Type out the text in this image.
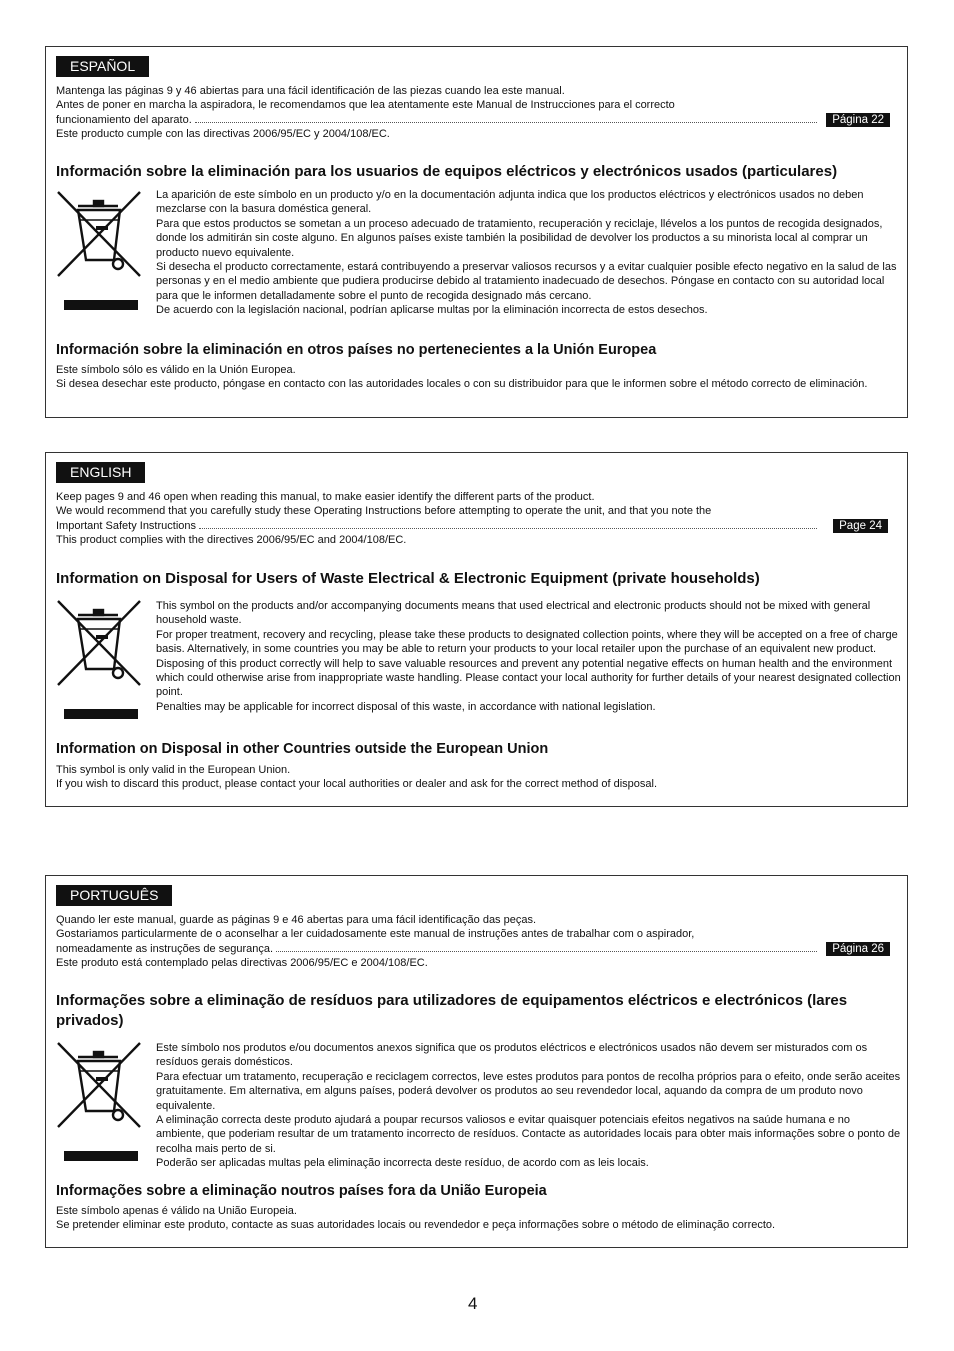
ESPAÑOL

Mantenga las páginas 9 y 46 abiertas para una fácil identificación de las piezas cuando lea este manual.

Antes de poner en marcha la aspiradora, le recomendamos que lea atentamente este Manual de Instrucciones para el correcto

funcionamiento del aparato.

Este producto cumple con las directivas 2006/95/EC y 2004/108/EC.

Página 22
Información sobre la eliminación para los usuarios de equipos eléctricos y electrónicos usados (particulares)

La aparición de este símbolo en un producto y/o en la documentación adjunta indica que los productos eléctricos y electrónicos usados no deben mezclarse con la basura doméstica general.

Para que estos productos se sometan a un proceso adecuado de tratamiento, recuperación y reciclaje, llévelos a los puntos de recogida designados, donde los admitirán sin coste alguno. En algunos países existe también la posibilidad de devolver los productos a su minorista local al comprar un producto nuevo equivalente.

Si desecha el producto correctamente, estará contribuyendo a preservar valiosos recursos y a evitar cualquier posible efecto negativo en la salud de las personas y en el medio ambiente que pudiera producirse debido al tratamiento inadecuado de desechos. Póngase en contacto con su autoridad local para que le informen detalladamente sobre el punto de recogida designado más cercano.

De acuerdo con la legislación nacional, podrían aplicarse multas por la eliminación incorrecta de estos desechos.

Información sobre la eliminación en otros países no pertenecientes a la Unión Europea

Este símbolo sólo es válido en la Unión Europea.

Si desea desechar este producto, póngase en contacto con las autoridades locales o con su distribuidor para que le informen sobre el método correcto de eliminación.

ENGLISH

Keep pages 9 and 46 open when reading this manual, to make easier identify the different parts of the product.

We would recommend that you carefully study these Operating Instructions before attempting to operate the unit, and that you note the

Important Safety Instructions

This product complies with the directives 2006/95/EC and 2004/108/EC.

Page 24
Information on Disposal for Users of Waste Electrical & Electronic Equipment (private households)

This symbol on the products and/or accompanying documents means that used electrical and electronic products should not be mixed with general household waste.

For proper treatment, recovery and recycling, please take these products to designated collection points, where they will be accepted on a free of charge basis. Alternatively, in some countries you may be able to return your products to your local retailer upon the purchase of an equivalent new product.

Disposing of this product correctly will help to save valuable resources and prevent any potential negative effects on human health and the environment which could otherwise arise from inappropriate waste handling. Please contact your local authority for further details of your nearest designated collection point.

Penalties may be applicable for incorrect disposal of this waste, in accordance with national legislation.

Information on Disposal in other Countries outside the European Union

This symbol is only valid in the European Union.

If you wish to discard this product, please contact your local authorities or dealer and ask for the correct method of disposal.

PORTUGUÊS

Quando ler este manual, guarde as páginas 9 e 46 abertas para uma fácil identificação das peças.

Gostariamos particularmente de o aconselhar a ler cuidadosamente este manual de instruções antes de trabalhar com o aspirador,

nomeadamente as instruções de segurança.

Este produto está contemplado pelas directivas 2006/95/EC e 2004/108/EC.

Página 26
Informações sobre a eliminação de resíduos para utilizadores de equipamentos eléctricos e electrónicos (lares privados)

Este símbolo nos produtos e/ou documentos anexos significa que os produtos eléctricos e electrónicos usados não devem ser misturados com os resíduos gerais domésticos.

Para efectuar um tratamento, recuperação e reciclagem correctos, leve estes produtos para pontos de recolha próprios para o efeito, onde serão aceites gratuitamente. Em alternativa, em alguns países, poderá devolver os produtos ao seu revendedor local, aquando da compra de um produto novo equivalente.

A eliminação correcta deste produto ajudará a poupar recursos valiosos e evitar quaisquer potenciais efeitos negativos na saúde humana e no ambiente, que poderiam resultar de um tratamento incorrecto de resíduos. Contacte as autoridades locais para obter mais informações sobre o ponto de recolha mais perto de si.

Poderão ser aplicadas multas pela eliminação incorrecta deste resíduo, de acordo com as leis locais.

Informações sobre a eliminação noutros países fora da União Europeia

Este símbolo apenas é válido na União Europeia.

Se pretender eliminar este produto, contacte as suas autoridades locais ou revendedor e peça informações sobre o método de eliminação correcto.

4
